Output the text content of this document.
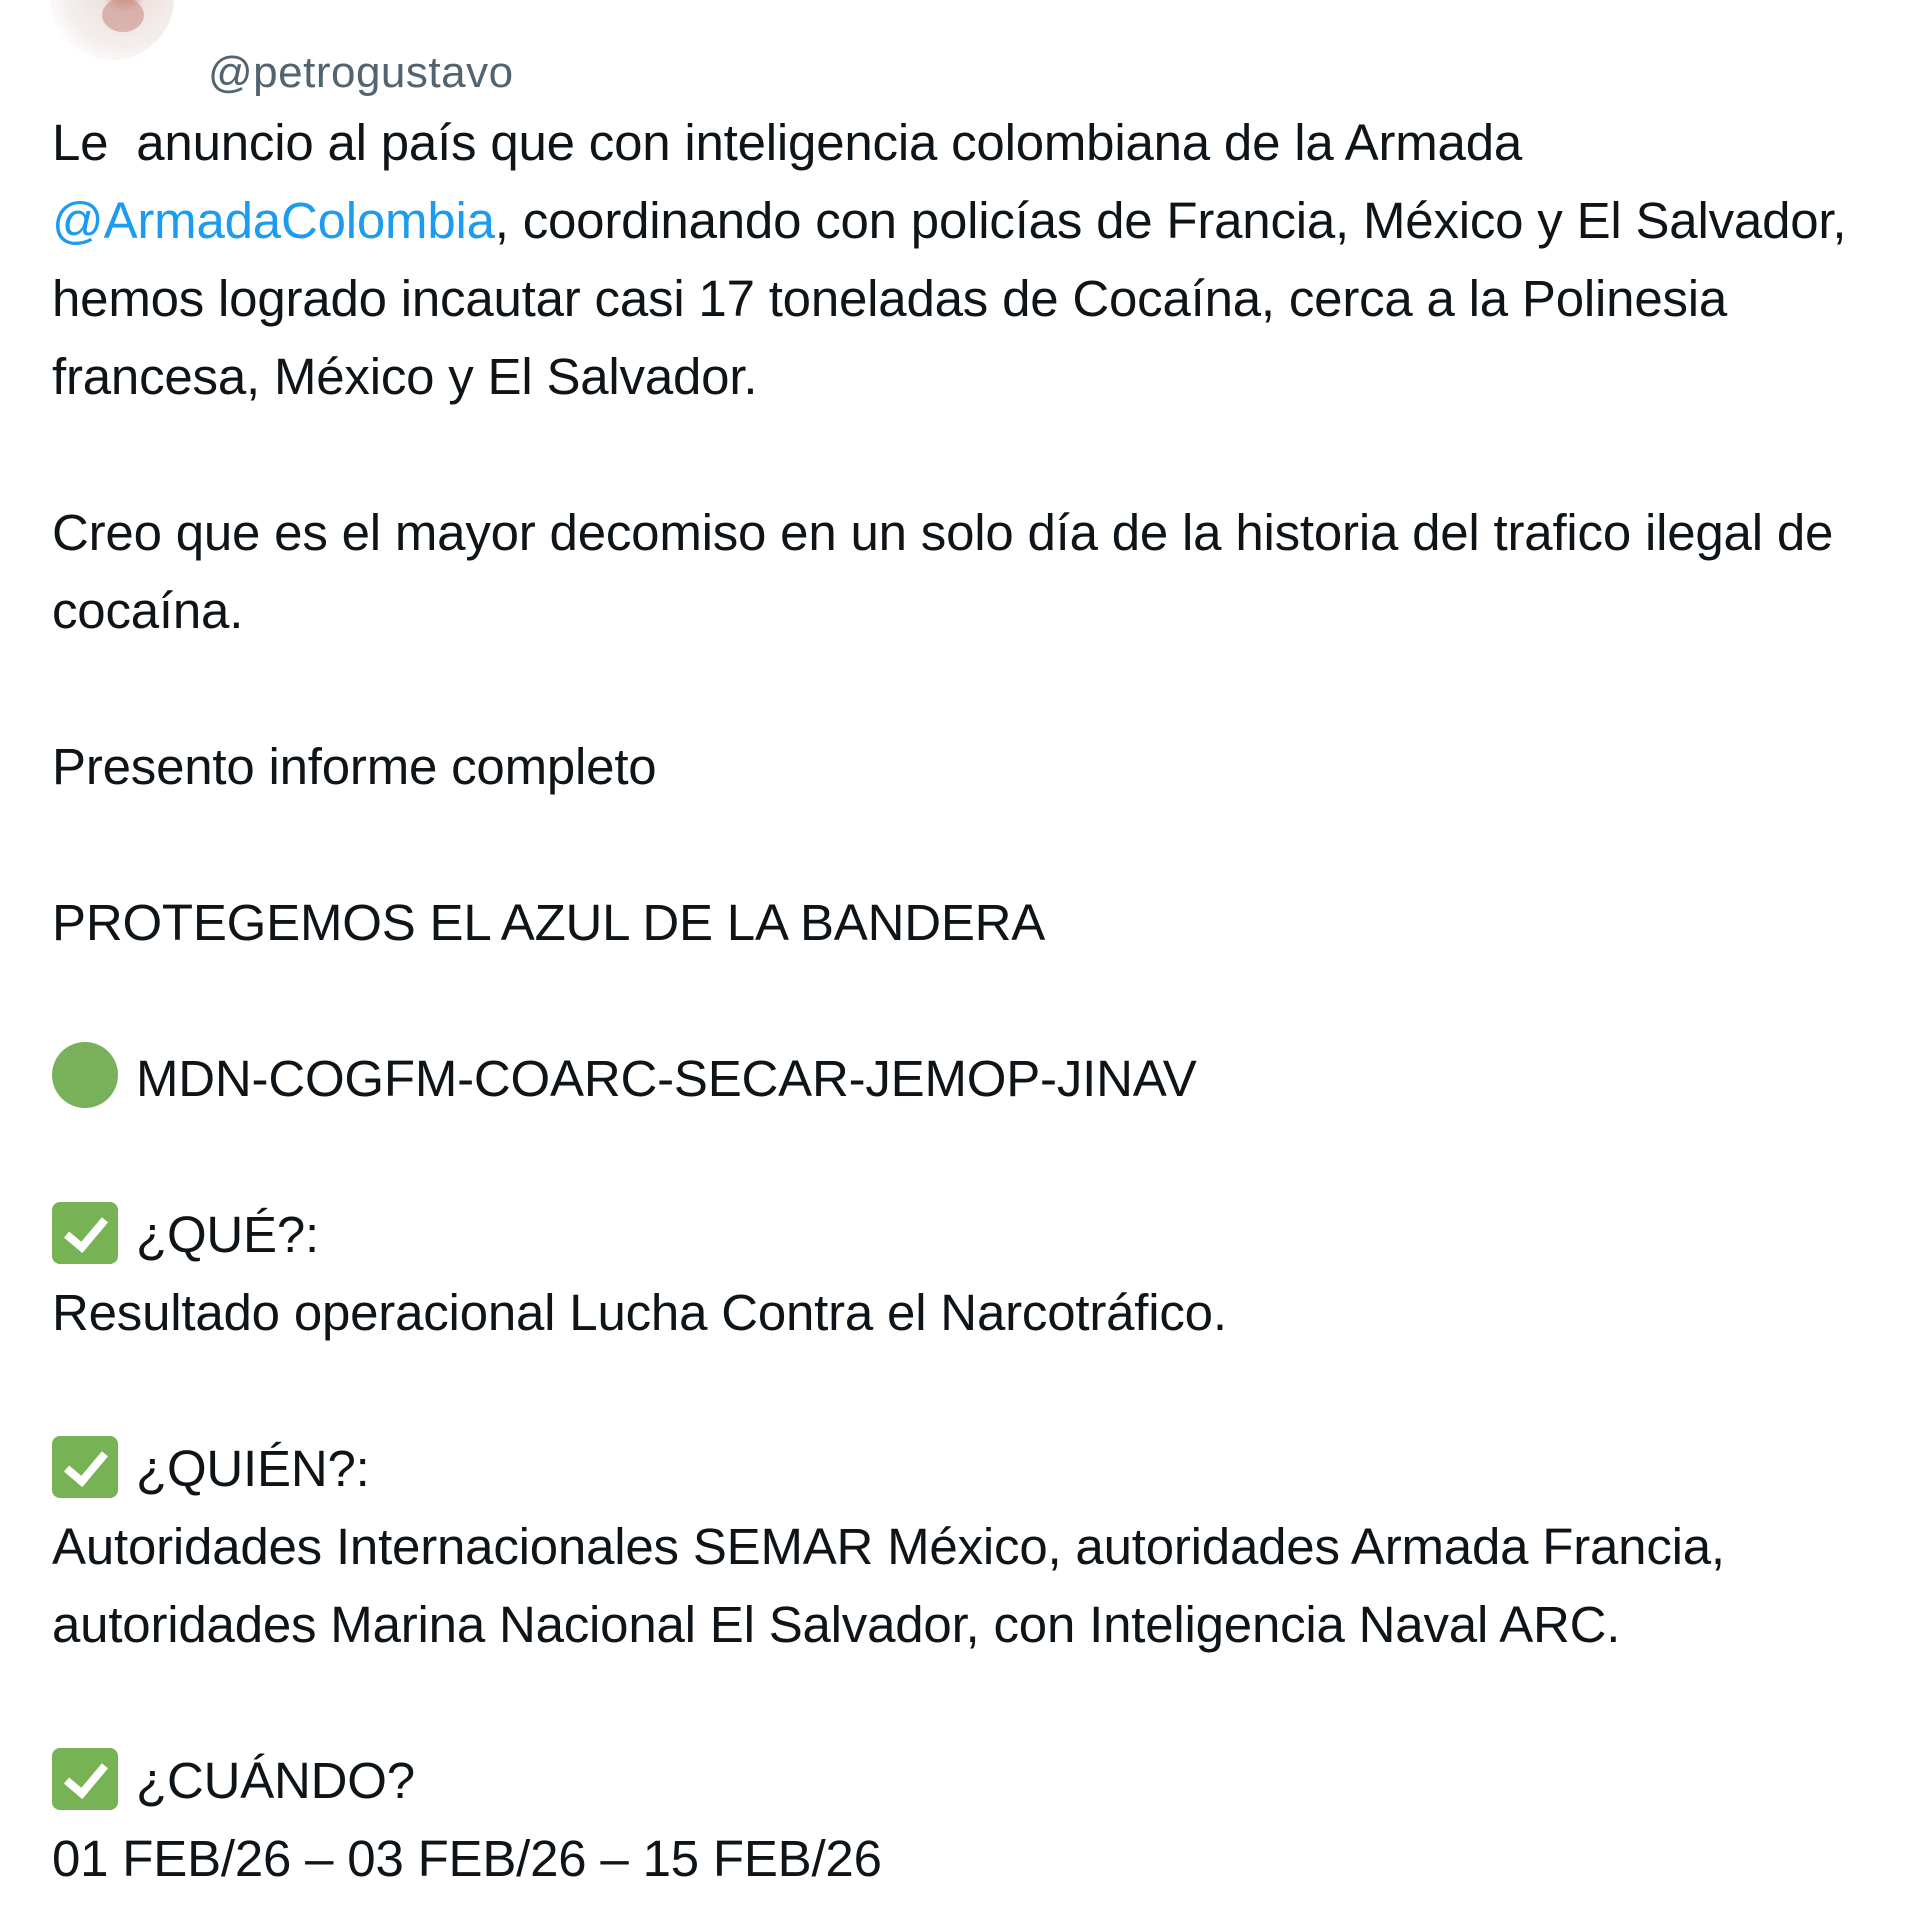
@petrogustavo

Le  anuncio al país que con inteligencia colombiana de la Armada @ArmadaColombia, coordinando con policías de Francia, México y El Salvador, hemos logrado incautar casi 17 toneladas de Cocaína, cerca a la Polinesia francesa, México y El Salvador.

Creo que es el mayor decomiso en un solo día de la historia del trafico ilegal de cocaína.

Presento informe completo

PROTEGEMOS EL AZUL DE LA BANDERA

MDN-COGFM-COARC-SECAR-JEMOP-JINAV

¿QUÉ?:
Resultado operacional Lucha Contra el Narcotráfico.

¿QUIÉN?:
Autoridades Internacionales SEMAR México, autoridades Armada Francia, autoridades Marina Nacional El Salvador, con Inteligencia Naval ARC.

¿CUÁNDO?
01 FEB/26 – 03 FEB/26 – 15 FEB/26
